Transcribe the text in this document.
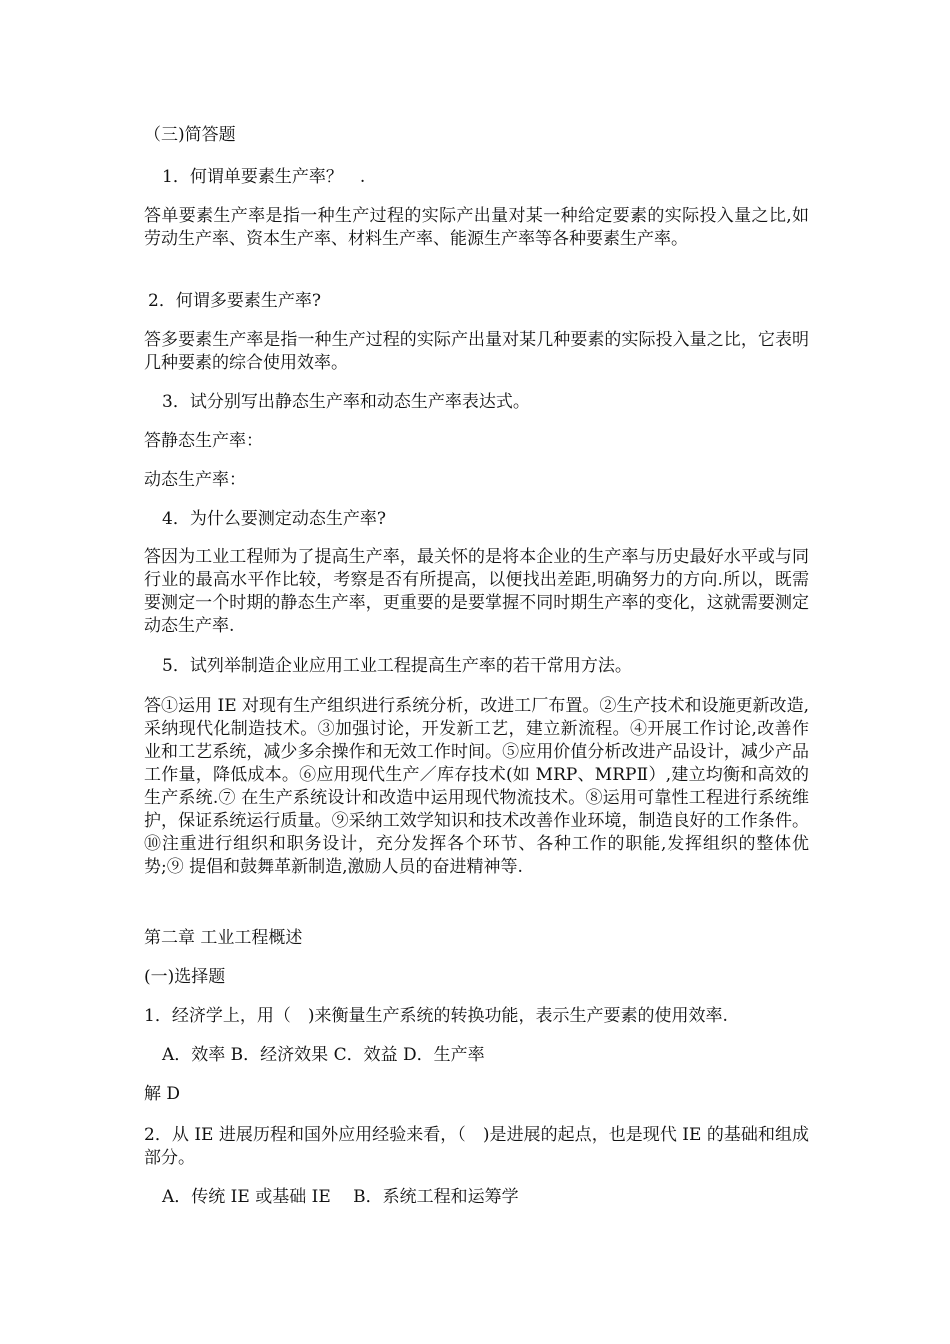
（三)简答题

1．何谓单要素生产率？　.

答单要素生产率是指一种生产过程的实际产出量对某一种给定要素的实际投入量之比,如劳动生产率、资本生产率、材料生产率、能源生产率等各种要素生产率。

2．何谓多要素生产率?

答多要素生产率是指一种生产过程的实际产出量对某几种要素的实际投入量之比，它表明几种要素的综合使用效率。

3．试分别写出静态生产率和动态生产率表达式。

答静态生产率：

动态生产率：

4．为什么要测定动态生产率?

答因为工业工程师为了提高生产率，最关怀的是将本企业的生产率与历史最好水平或与同行业的最高水平作比较，考察是否有所提高，以便找出差距,明确努力的方向.所以，既需要测定一个时期的静态生产率，更重要的是要掌握不同时期生产率的变化，这就需要测定动态生产率.

5．试列举制造企业应用工业工程提高生产率的若干常用方法。

答①运用 IE 对现有生产组织进行系统分析，改进工厂布置。②生产技术和设施更新改造,采纳现代化制造技术。③加强讨论，开发新工艺，建立新流程。④开展工作讨论,改善作业和工艺系统，减少多余操作和无效工作时间。⑤应用价值分析改进产品设计，减少产品工作量，降低成本。⑥应用现代生产／库存技术(如 MRP、MRPⅡ）,建立均衡和高效的生产系统.⑦ 在生产系统设计和改造中运用现代物流技术。⑧运用可靠性工程进行系统维护，保证系统运行质量。⑨采纳工效学知识和技术改善作业环境，制造良好的工作条件。⑩注重进行组织和职务设计，充分发挥各个环节、各种工作的职能,发挥组织的整体优势;⑨ 提倡和鼓舞革新制造,激励人员的奋进精神等.

第二章 工业工程概述

(一)选择题

1．经济学上，用（　)来衡量生产系统的转换功能，表示生产要素的使用效率.

A．效率 B．经济效果 C．效益 D．生产率

解 D

2．从 IE 进展历程和国外应用经验来看，（　)是进展的起点，也是现代 IE 的基础和组成部分。

A．传统 IE 或基础 IE　 B．系统工程和运筹学
